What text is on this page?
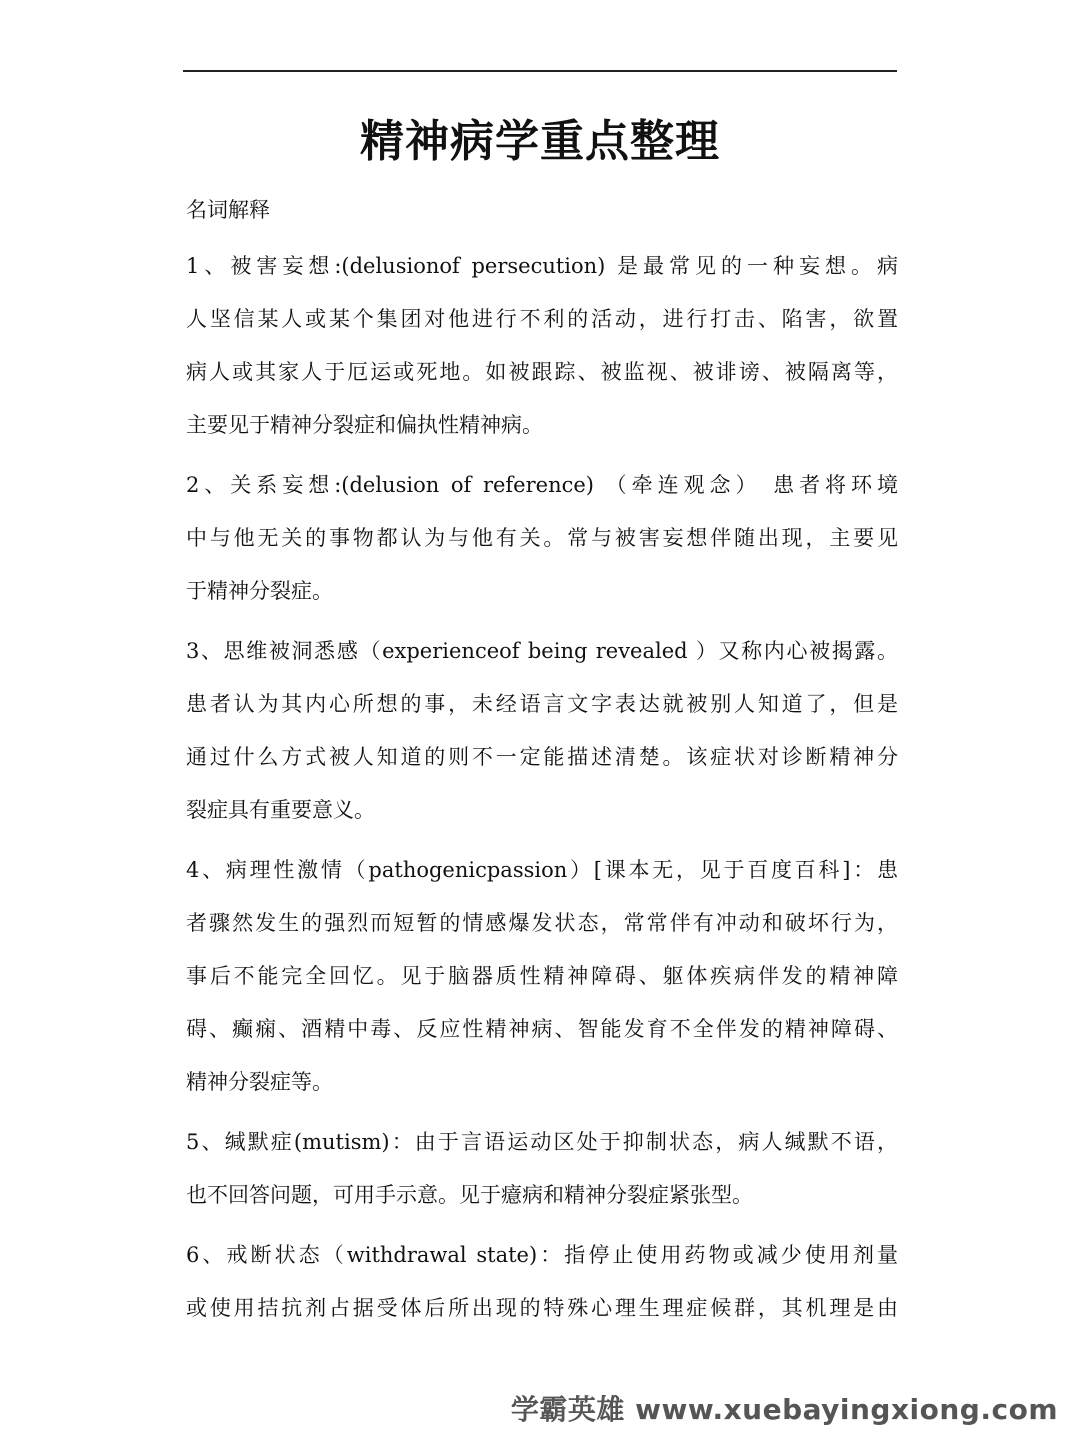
精神病学重点整理

名词解释

1、被害妄想:(delusionof persecution) 是最常见的一种妄想。病
人坚信某人或某个集团对他进行不利的活动，进行打击、陷害，欲置
病人或其家人于厄运或死地。如被跟踪、被监视、被诽谤、被隔离等，
主要见于精神分裂症和偏执性精神病。
2、关系妄想:(delusion of reference) （牵连观念） 患者将环境
中与他无关的事物都认为与他有关。常与被害妄想伴随出现，主要见
于精神分裂症。
3、思维被洞悉感（experienceof being revealed ）又称内心被揭露。
患者认为其内心所想的事，未经语言文字表达就被别人知道了，但是
通过什么方式被人知道的则不一定能描述清楚。该症状对诊断精神分
裂症具有重要意义。
4、病理性激情（pathogenicpassion）[课本无，见于百度百科]：患
者骤然发生的强烈而短暂的情感爆发状态，常常伴有冲动和破坏行为，
事后不能完全回忆。见于脑器质性精神障碍、躯体疾病伴发的精神障
碍、癫痫、酒精中毒、反应性精神病、智能发育不全伴发的精神障碍、
精神分裂症等。
5、缄默症(mutism)：由于言语运动区处于抑制状态，病人缄默不语，
也不回答问题，可用手示意。见于癔病和精神分裂症紧张型。
6、戒断状态（withdrawal state)：指停止使用药物或减少使用剂量
或使用拮抗剂占据受体后所出现的特殊心理生理症候群，其机理是由
学霸英雄 www.xuebayingxiong.com
